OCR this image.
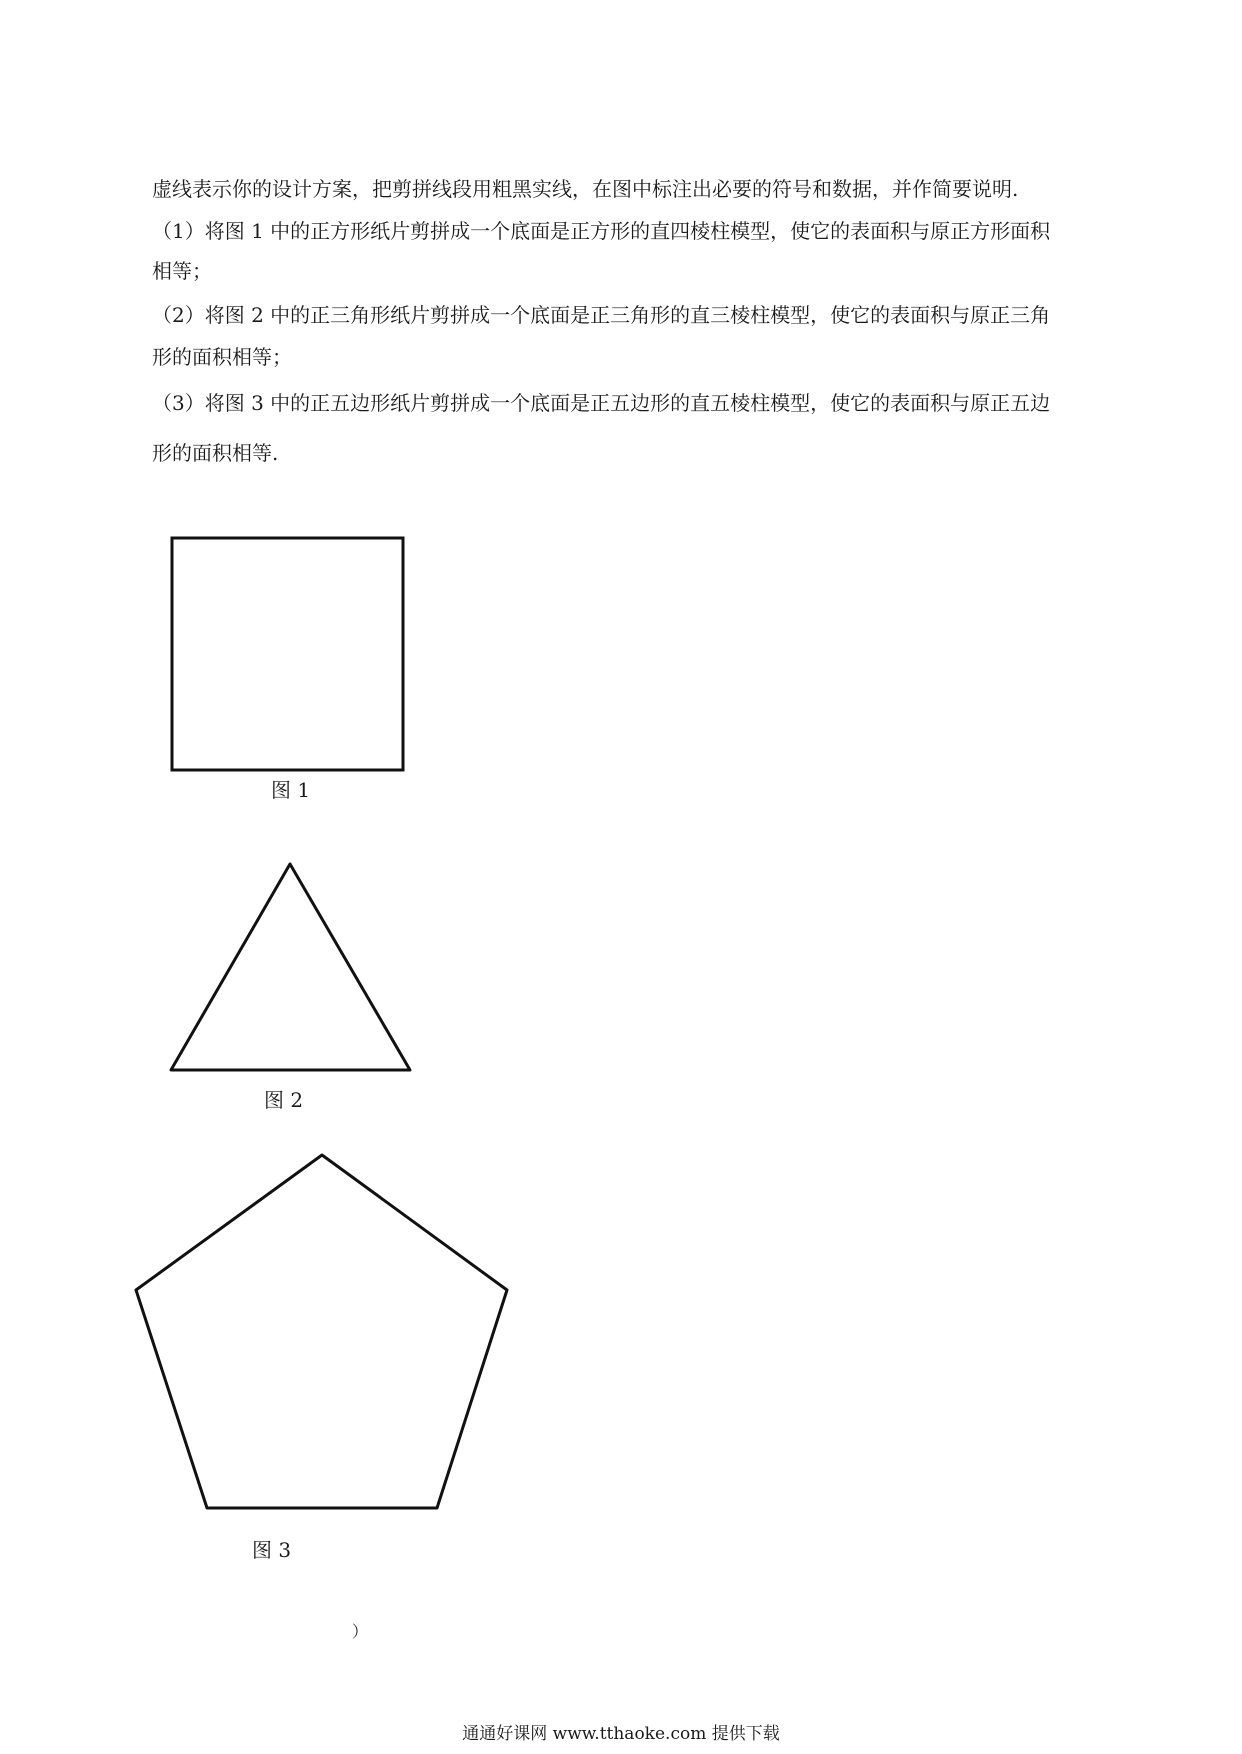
虚线表示你的设计方案，把剪拼线段用粗黑实线，在图中标注出必要的符号和数据，并作简要说明.

（1）将图 1 中的正方形纸片剪拼成一个底面是正方形的直四棱柱模型，使它的表面积与原正方形面积

相等；

（2）将图 2 中的正三角形纸片剪拼成一个底面是正三角形的直三棱柱模型，使它的表面积与原正三角

形的面积相等；

（3）将图 3 中的正五边形纸片剪拼成一个底面是正五边形的直五棱柱模型，使它的表面积与原正五边

形的面积相等.

图 1
图 2
图 3
）
通通好课网 www.tthaoke.com 提供下载
